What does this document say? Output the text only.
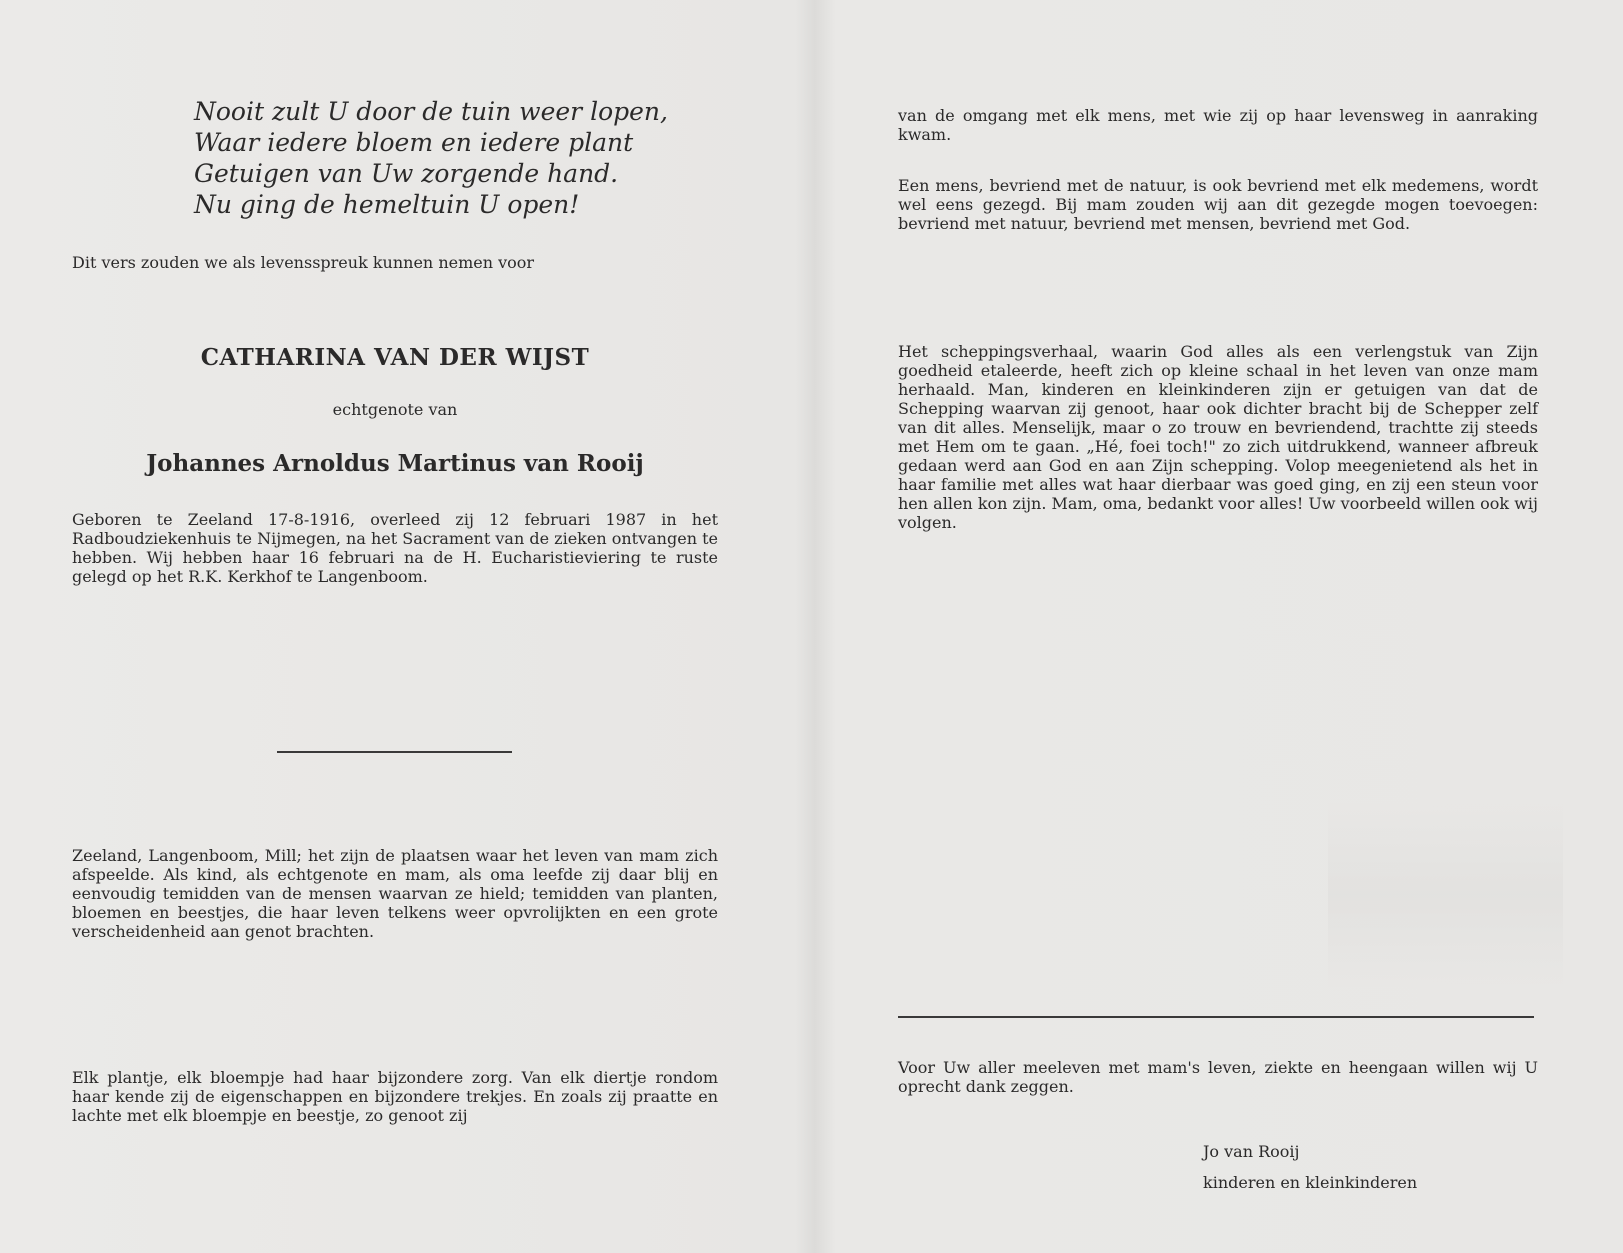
Nooit zult U door de tuin weer lopen,
Waar iedere bloem en iedere plant
Getuigen van Uw zorgende hand.
Nu ging de hemeltuin U open!

Dit vers zouden we als levensspreuk kunnen nemen voor

CATHARINA VAN DER WIJST
echtgenote van
Johannes Arnoldus Martinus van Rooij

Geboren te Zeeland 17-8-1916, overleed zij 12 februari 1987 in het Radboudziekenhuis te Nijmegen, na het Sacrament van de zieken ontvangen te hebben. Wij hebben haar 16 februari na de H. Eucharistieviering te ruste gelegd op het R.K. Kerkhof te Langenboom.

Zeeland, Langenboom, Mill; het zijn de plaatsen waar het leven van mam zich afspeelde. Als kind, als echtgenote en mam, als oma leefde zij daar blij en eenvoudig temidden van de mensen waarvan ze hield; temidden van planten, bloemen en beestjes, die haar leven telkens weer opvrolijkten en een grote verscheidenheid aan genot brachten.

Elk plantje, elk bloempje had haar bijzondere zorg. Van elk diertje rondom haar kende zij de eigenschappen en bijzondere trekjes. En zoals zij praatte en lachte met elk bloempje en beestje, zo genoot zij

van de omgang met elk mens, met wie zij op haar levensweg in aanraking kwam.

Een mens, bevriend met de natuur, is ook bevriend met elk medemens, wordt wel eens gezegd. Bij mam zouden wij aan dit gezegde mogen toevoegen: bevriend met natuur, bevriend met mensen, bevriend met God.

Het scheppingsverhaal, waarin God alles als een verlengstuk van Zijn goedheid etaleerde, heeft zich op kleine schaal in het leven van onze mam herhaald. Man, kinderen en kleinkinderen zijn er getuigen van dat de Schepping waarvan zij genoot, haar ook dichter bracht bij de Schepper zelf van dit alles. Menselijk, maar o zo trouw en bevriendend, trachtte zij steeds met Hem om te gaan. „Hé, foei toch!" zo zich uitdrukkend, wanneer afbreuk gedaan werd aan God en aan Zijn schepping. Volop meegenietend als het in haar familie met alles wat haar dierbaar was goed ging, en zij een steun voor hen allen kon zijn. Mam, oma, bedankt voor alles! Uw voorbeeld willen ook wij volgen.

Voor Uw aller meeleven met mam's leven, ziekte en heengaan willen wij U oprecht dank zeggen.

Jo van Rooij
kinderen en kleinkinderen
